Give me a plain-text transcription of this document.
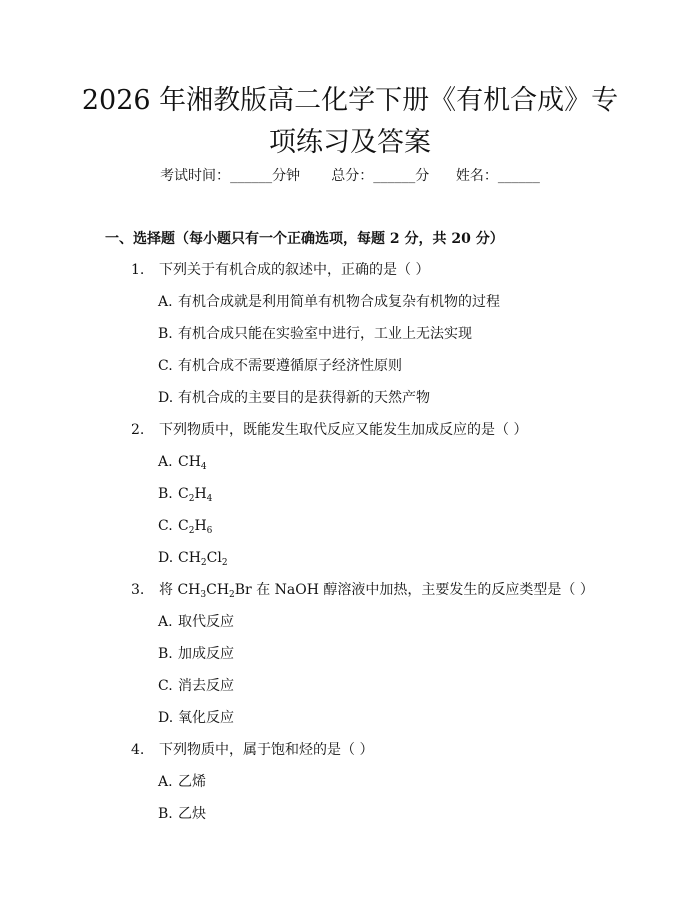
2026 年湘教版高二化学下册《有机合成》专
项练习及答案
考试时间：______分钟 总分：______分 姓名：______
一、选择题（每小题只有一个正确选项，每题 2 分，共 20 分）
1. 下列关于有机合成的叙述中，正确的是（ ）
A. 有机合成就是利用简单有机物合成复杂有机物的过程
B. 有机合成只能在实验室中进行，工业上无法实现
C. 有机合成不需要遵循原子经济性原则
D. 有机合成的主要目的是获得新的天然产物
2. 下列物质中，既能发生取代反应又能发生加成反应的是（ ）
A. $CH_4$
B. $C_2H_4$
C. $C_2H_6$
D. $CH_2Cl_2$
3. 将 $CH_3CH_2Br$ 在 NaOH 醇溶液中加热，主要发生的反应类型是（ ）
A. 取代反应
B. 加成反应
C. 消去反应
D. 氧化反应
4. 下列物质中，属于饱和烃的是（ ）
A. 乙烯
B. 乙炔
